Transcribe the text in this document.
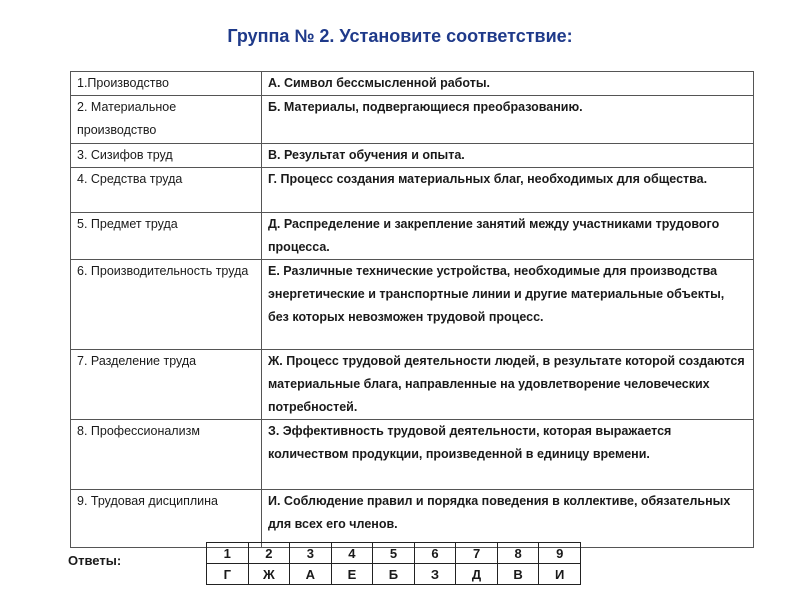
Группа № 2. Установите соответствие:
1.Производство	А. Символ бессмысленной работы.
2. Материальное производство	Б. Материалы, подвергающиеся преобразованию.
3. Сизифов труд	В. Результат обучения и опыта.
4. Средства труда	Г. Процесс создания материальных благ, необходимых для общества.
5. Предмет труда	Д. Распределение и закрепление занятий между участниками трудового процесса.
6. Производительность труда	Е. Различные технические устройства, необходимые для производства энергетические и транспортные линии и другие материальные объекты, без которых невозможен трудовой процесс.
7. Разделение труда	Ж. Процесс трудовой деятельности людей, в результате которой создаются материальные блага, направленные на удовлетворение человеческих потребностей.
8. Профессионализм	З. Эффективность трудовой деятельности, которая выражается количеством продукции, произведенной в единицу времени.
9. Трудовая дисциплина	И. Соблюдение правил и порядка поведения в коллективе, обязательных для всех его членов.
Ответы:	1	2	3	4	5	6	7	8	9
Г	Ж	А	Е	Б	З	Д	В	И
